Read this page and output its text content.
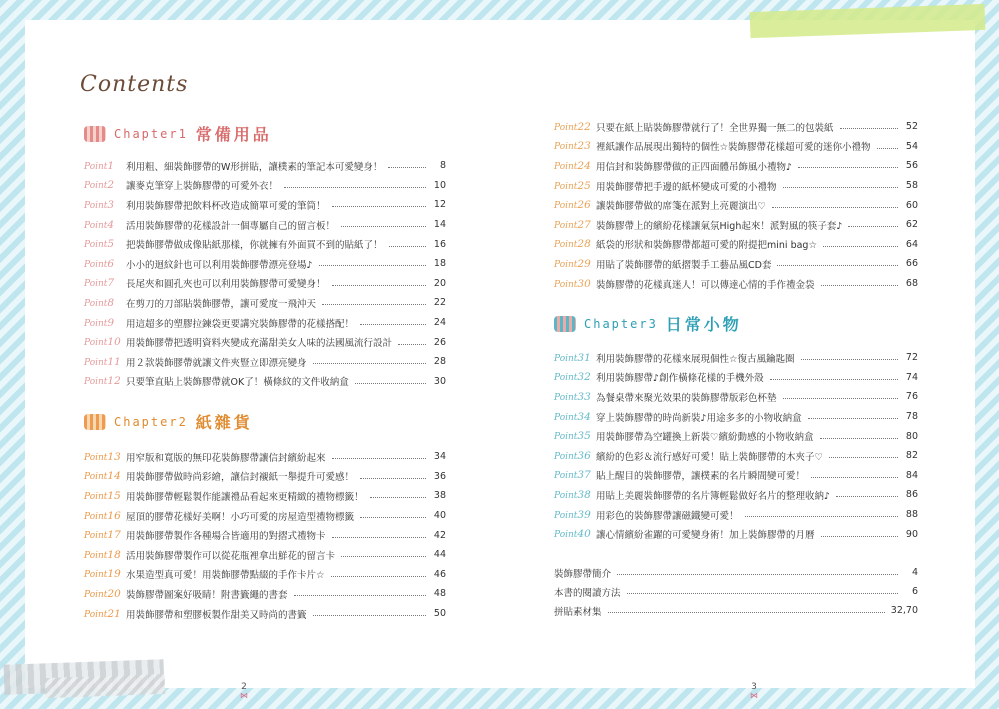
Contents
Chapter1 常備用品
Point1	利用粗、細裝飾膠帶的W形拼貼，讓樸素的筆記本可愛變身！	8
Point2	讓麥克筆穿上裝飾膠帶的可愛外衣！	10
Point3	利用裝飾膠帶把飲料杯改造成簡單可愛的筆筒！	12
Point4	活用裝飾膠帶的花樣設計一個專屬自己的留言板！	14
Point5	把裝飾膠帶做成像貼紙那樣，你就擁有外面買不到的貼紙了！	16
Point6	小小的迴紋針也可以利用裝飾膠帶漂亮登場♪	18
Point7	長尾夾和圓孔夾也可以利用裝飾膠帶可愛變身！	20
Point8	在剪刀的刀部貼裝飾膠帶，讓可愛度一飛沖天	22
Point9	用這超多的塑膠拉鍊袋更要講究裝飾膠帶的花樣搭配！	24
Point10 用裝飾膠帶把透明資料夾變成充滿甜美女人味的法國風流行設計	26
Point11 用２款裝飾膠帶就讓文件夾豎立即漂亮變身	28
Point12 只要筆直貼上裝飾膠帶就OK了！橫條紋的文件收納盒	30
Chapter2 紙雜貨
Point13 用窄版和寬版的無印花裝飾膠帶讓信封繽紛起來	34
Point14 用裝飾膠帶做時尚彩繪，讓信封襯紙一舉提升可愛感！	36
Point15 用裝飾膠帶輕鬆製作能讓禮品看起來更精緻的禮物標籤！	38
Point16 屋頂的膠帶花樣好美啊！小巧可愛的房屋造型禮物標籤	40
Point17 用裝飾膠帶製作各種場合皆適用的對摺式禮物卡	42
Point18 活用裝飾膠帶製作可以從花瓶裡拿出鮮花的留言卡	44
Point19 水果造型真可愛！用裝飾膠帶點綴的手作卡片☆	46
Point20 裝飾膠帶圖案好吸睛！附書籤繩的書套	48
Point21 用裝飾膠帶和塑膠板製作甜美又時尚的書籤	50
Point22 只要在紙上貼裝飾膠帶就行了！全世界獨一無二的包裝紙	52
Point23 裡紙讓作品展現出獨特的個性☆裝飾膠帶花樣超可愛的迷你小禮物	54
Point24 用信封和裝飾膠帶做的正四面體吊飾風小禮物♪	56
Point25 用裝飾膠帶把手邊的紙杯變成可愛的小禮物	58
Point26 讓裝飾膠帶做的席箋在派對上亮麗演出♡	60
Point27 裝飾膠帶上的繽紛花樣讓氣氛High起來！派對風的筷子套♪	62
Point28 紙袋的形狀和裝飾膠帶都超可愛的附提把mini bag☆	64
Point29 用貼了裝飾膠帶的紙摺製手工藝品風CD套	66
Point30 裝飾膠帶的花樣真迷人！可以傳達心情的手作禮金袋	68
Chapter3 日常小物
Point31 利用裝飾膠帶的花樣來展現個性☆復古風鑰匙圈	72
Point32 利用裝飾膠帶♪創作橫條花樣的手機外殼	74
Point33 為餐桌帶來聚光效果的裝飾膠帶版彩色杯墊	76
Point34 穿上裝飾膠帶的時尚新裝♪用途多多的小物收納盒	78
Point35 用裝飾膠帶為空罐換上新裝♡繽紛動感的小物收納盒	80
Point36 繽紛的色彩＆流行感好可愛！貼上裝飾膠帶的木夾子♡	82
Point37 貼上醒目的裝飾膠帶，讓樸素的名片瞬間變可愛！	84
Point38 用貼上美麗裝飾膠帶的名片簿輕鬆做好名片的整理收納♪	86
Point39 用彩色的裝飾膠帶讓磁鐵變可愛！	88
Point40 讓心情繽紛雀躍的可愛變身術！加上裝飾膠帶的月曆	90
裝飾膠帶簡介	4
本書的閱讀方法	6
拼貼素材集	32,70
2
⋈
3
⋈
